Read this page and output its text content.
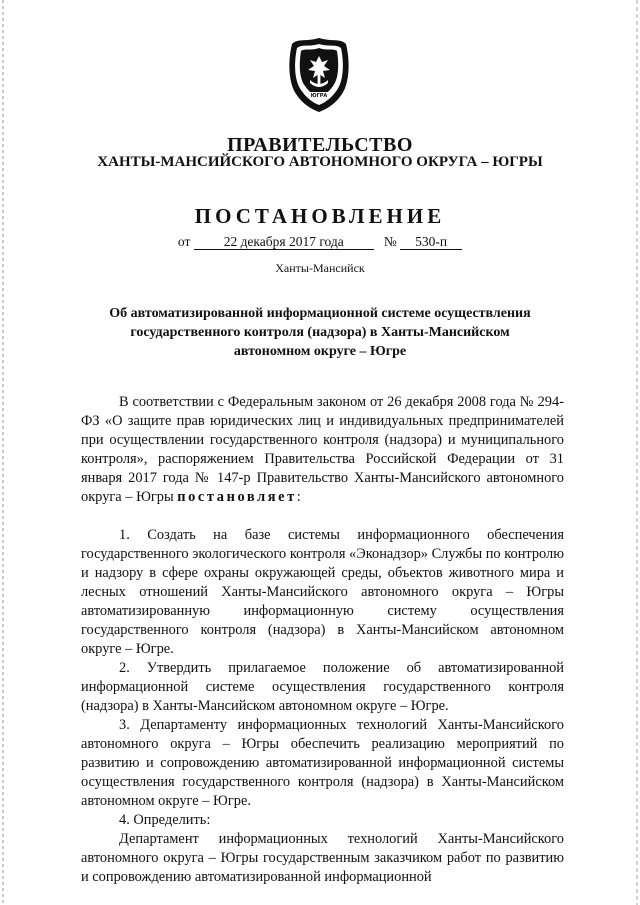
ЮГРА
ПРАВИТЕЛЬСТВО
ХАНТЫ-МАНСИЙСКОГО АВТОНОМНОГО ОКРУГА – ЮГРЫ
ПОСТАНОВЛЕНИЕ
от 22 декабря 2017 года	№ 530-п
Ханты-Мансийск
Об автоматизированной информационной системе осуществления
государственного контроля (надзора) в Ханты-Мансийском
автономном округе – Югре

В соответствии с Федеральным законом от 26 декабря 2008 года № 294-ФЗ «О защите прав юридических лиц и индивидуальных предпринимателей при осуществлении государственного контроля (надзора) и муниципального контроля», распоряжением Правительства Российской Федерации от 31 января 2017 года № 147-р Правительство Ханты-Мансийского автономного округа – Югры постановляет:

1. Создать на базе системы информационного обеспечения государственного экологического контроля «Эконадзор» Службы по контролю и надзору в сфере охраны окружающей среды, объектов животного мира и лесных отношений Ханты-Мансийского автономного округа – Югры автоматизированную информационную систему осуществления государственного контроля (надзора) в Ханты-Мансийском автономном округе – Югре.

2. Утвердить прилагаемое положение об автоматизированной информационной системе осуществления государственного контроля (надзора) в Ханты-Мансийском автономном округе – Югре.

3. Департаменту информационных технологий Ханты-Мансийского автономного округа – Югры обеспечить реализацию мероприятий по развитию и сопровождению автоматизированной информационной системы осуществления государственного контроля (надзора) в Ханты-Мансийском автономном округе – Югре.

4. Определить:

Департамент информационных технологий Ханты-Мансийского автономного округа – Югры государственным заказчиком работ по развитию и сопровождению автоматизированной информационной
